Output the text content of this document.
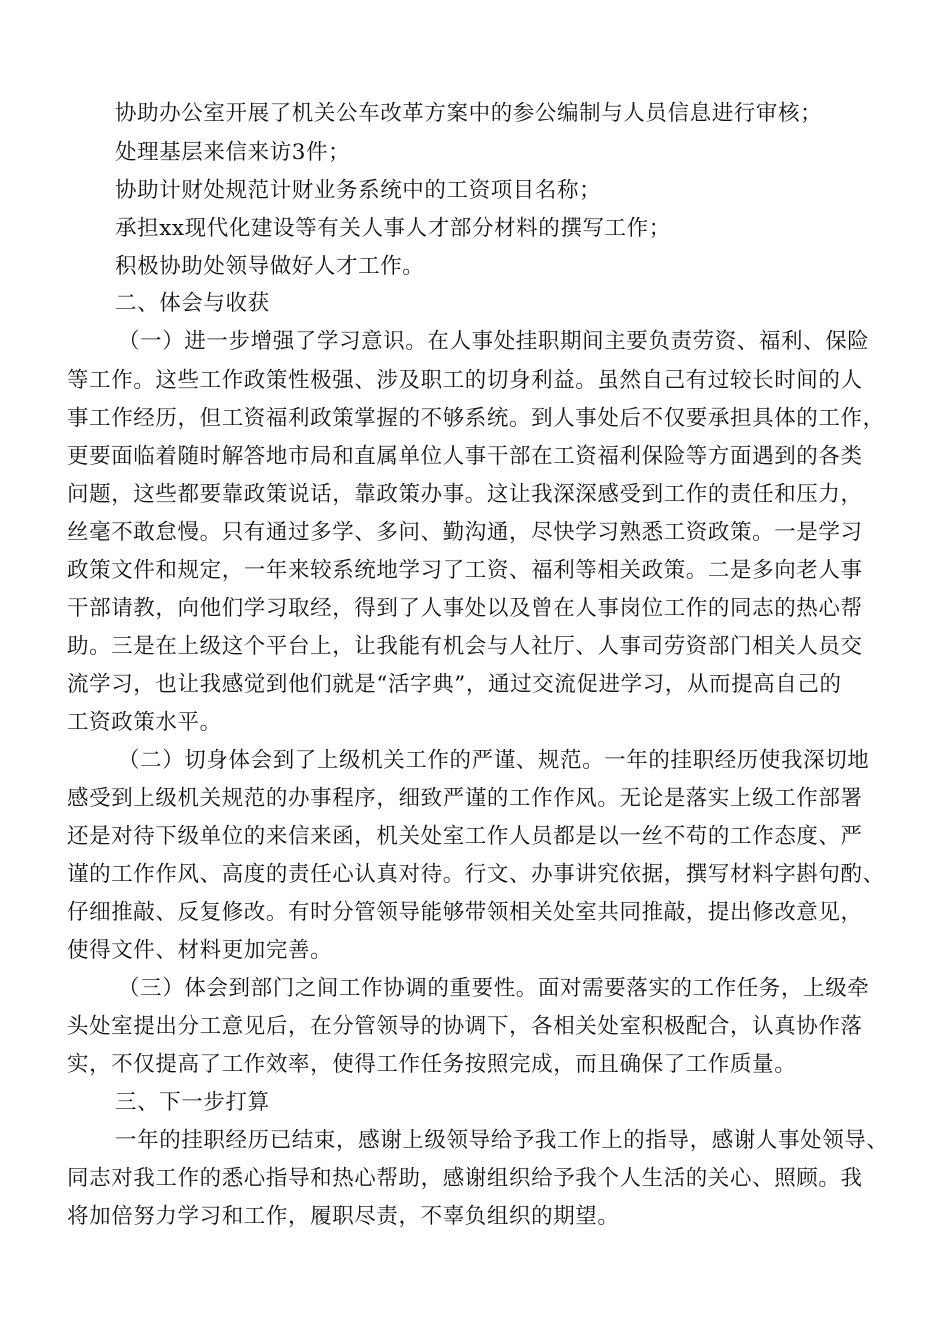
协助办公室开展了机关公车改革方案中的参公编制与人员信息进行审核；
处理基层来信来访3件；
协助计财处规范计财业务系统中的工资项目名称；
承担xx现代化建设等有关人事人才部分材料的撰写工作；
积极协助处领导做好人才工作。
二、体会与收获
（一）进一步增强了学习意识。在人事处挂职期间主要负责劳资、福利、保险
等工作。这些工作政策性极强、涉及职工的切身利益。虽然自己有过较长时间的人
事工作经历，但工资福利政策掌握的不够系统。到人事处后不仅要承担具体的工作，
更要面临着随时解答地市局和直属单位人事干部在工资福利保险等方面遇到的各类
问题，这些都要靠政策说话，靠政策办事。这让我深深感受到工作的责任和压力，
丝毫不敢怠慢。只有通过多学、多问、勤沟通，尽快学习熟悉工资政策。一是学习
政策文件和规定，一年来较系统地学习了工资、福利等相关政策。二是多向老人事
干部请教，向他们学习取经，得到了人事处以及曾在人事岗位工作的同志的热心帮
助。三是在上级这个平台上，让我能有机会与人社厅、人事司劳资部门相关人员交
流学习，也让我感觉到他们就是“活字典”，通过交流促进学习，从而提高自己的
工资政策水平。
（二）切身体会到了上级机关工作的严谨、规范。一年的挂职经历使我深切地
感受到上级机关规范的办事程序，细致严谨的工作作风。无论是落实上级工作部署
还是对待下级单位的来信来函，机关处室工作人员都是以一丝不苟的工作态度、严
谨的工作作风、高度的责任心认真对待。行文、办事讲究依据，撰写材料字斟句酌、
仔细推敲、反复修改。有时分管领导能够带领相关处室共同推敲，提出修改意见，
使得文件、材料更加完善。
（三）体会到部门之间工作协调的重要性。面对需要落实的工作任务，上级牵
头处室提出分工意见后，在分管领导的协调下，各相关处室积极配合，认真协作落
实，不仅提高了工作效率，使得工作任务按照完成，而且确保了工作质量。
三、下一步打算
一年的挂职经历已结束，感谢上级领导给予我工作上的指导，感谢人事处领导、
同志对我工作的悉心指导和热心帮助，感谢组织给予我个人生活的关心、照顾。我
将加倍努力学习和工作，履职尽责，不辜负组织的期望。
